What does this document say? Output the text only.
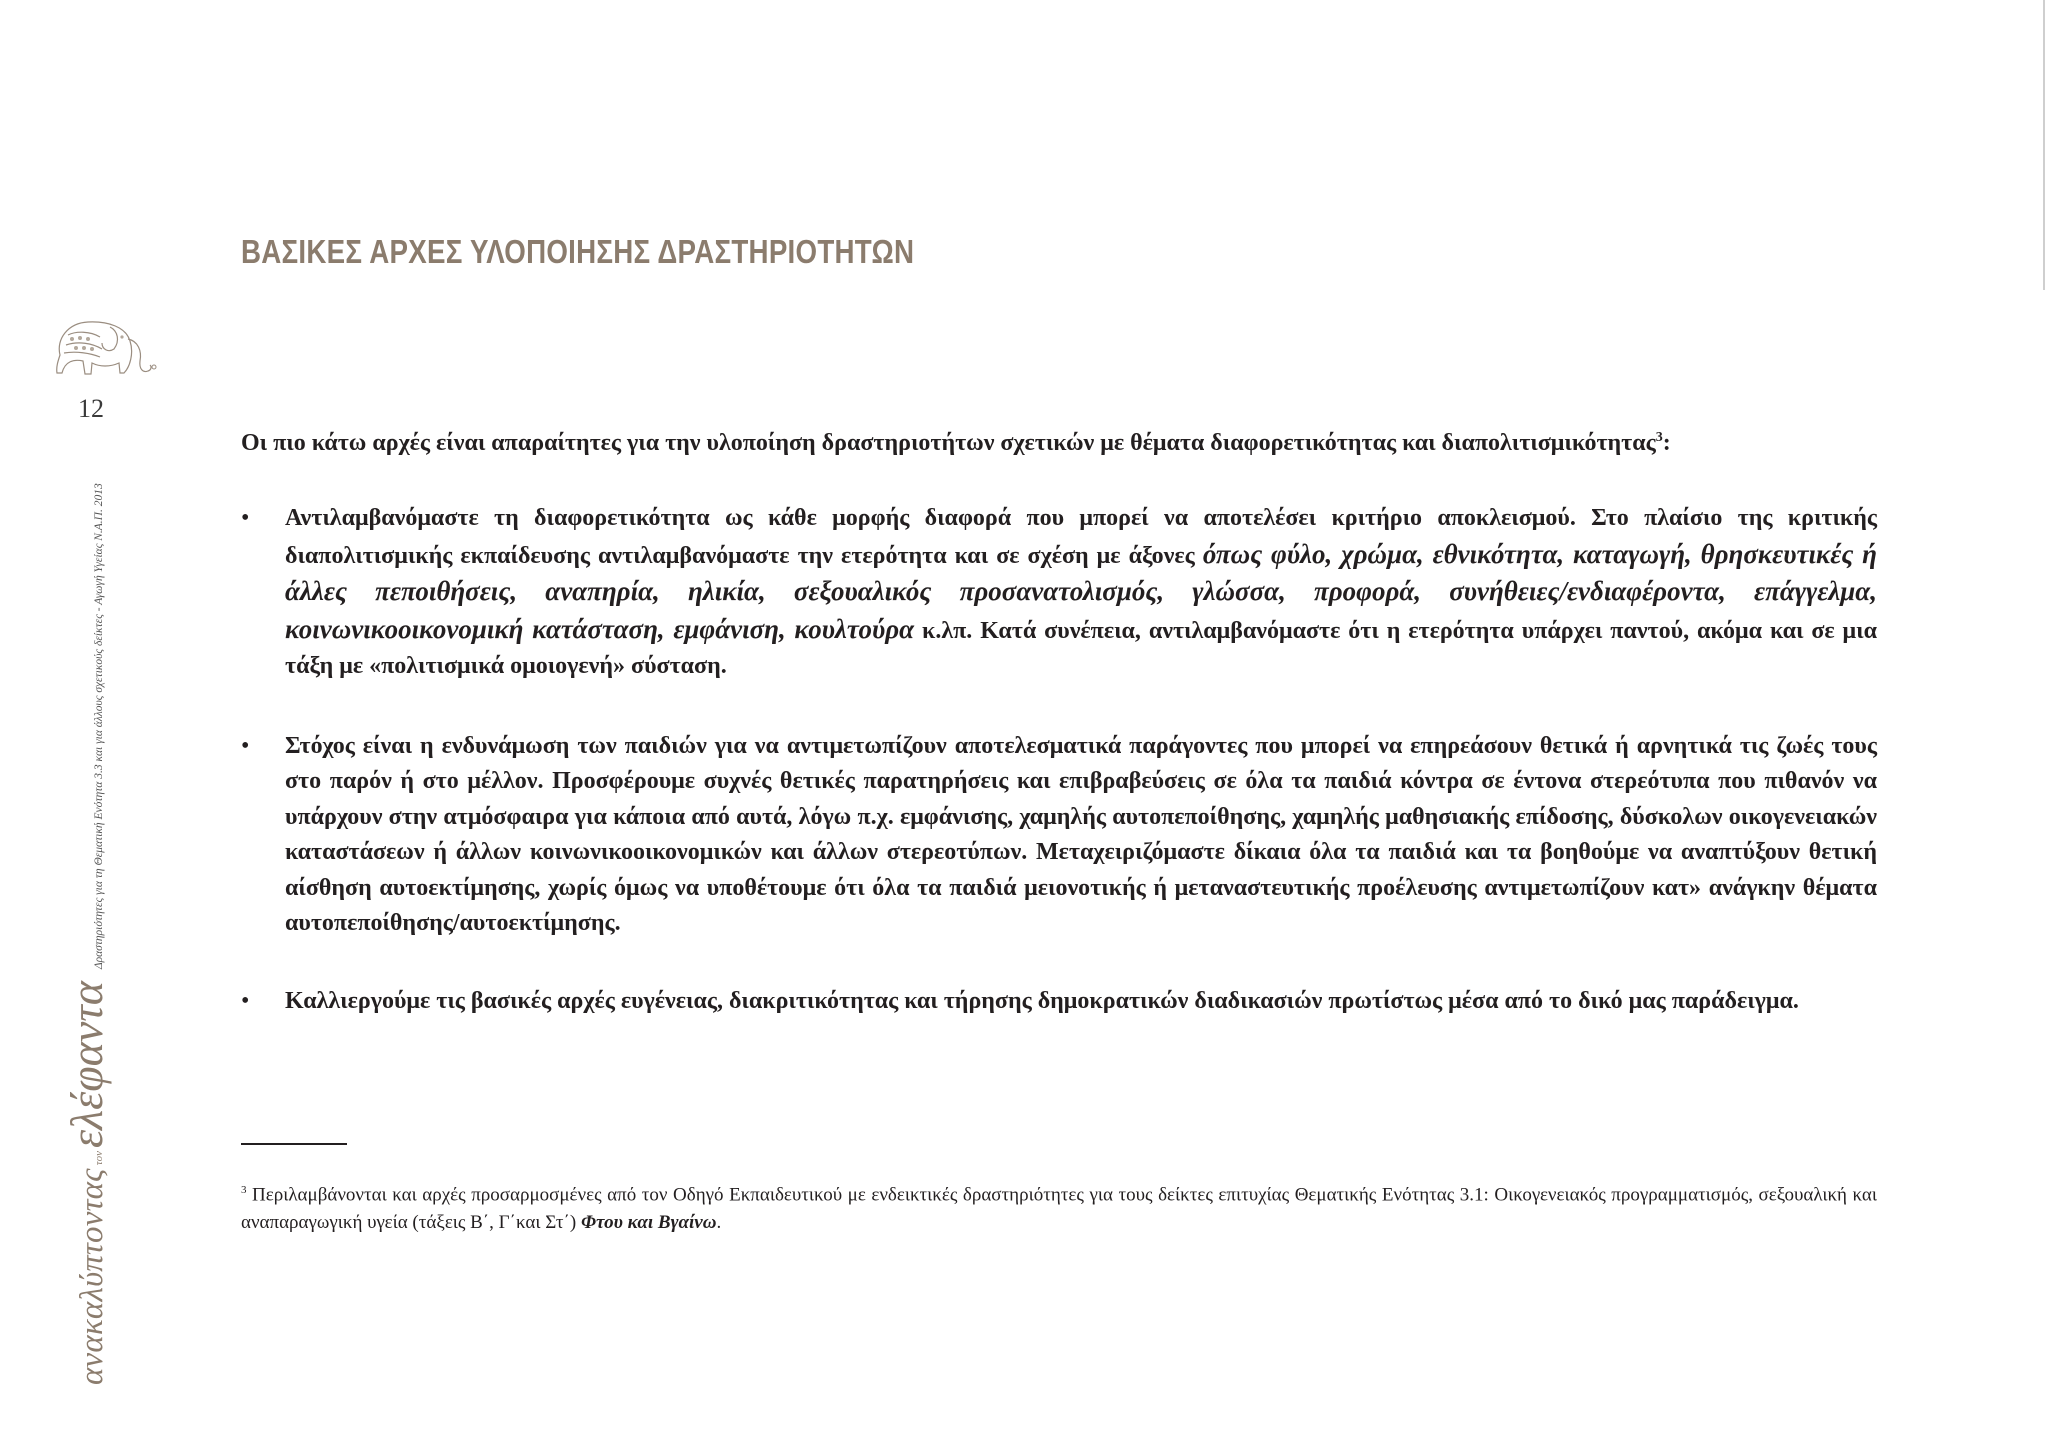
ΒΑΣΙΚΕΣ ΑΡΧΕΣ ΥΛΟΠΟΙΗΣΗΣ ΔΡΑΣΤΗΡΙΟΤΗΤΩΝ
12
ανακαλύπτονταςτονελέφανταΔραστηριότητες για τη Θεματική Ενότητα 3.3 και για άλλους σχετικούς δείκτες - Αγωγή Υγείας Ν.Α.Π. 2013

Οι πιο κάτω αρχές είναι απαραίτητες για την υλοποίηση δραστηριοτήτων σχετικών με θέματα διαφορετικότητας και διαπολιτισμικότητας$^3$:

• Αντιλαμβανόμαστε τη διαφορετικότητα ως κάθε μορφής διαφορά που μπορεί να αποτελέσει κριτήριο αποκλεισμού. Στο πλαίσιο της κριτικής διαπολιτισμικής εκπαίδευσης αντιλαμβανόμαστε την ετερότητα και σε σχέση με άξονες όπως φύλο, χρώμα, εθνικότητα, καταγωγή, θρησκευτικές ή άλλες πεποιθήσεις, αναπηρία, ηλικία, σεξουαλικός προσανατολισμός, γλώσσα, προφορά, συνήθειες/ενδιαφέροντα, επάγγελμα, κοινωνικοοικονομική κατάσταση, εμφάνιση, κουλτούρα κ.λπ. Κατά συνέπεια, αντιλαμβανόμαστε ότι η ετερότητα υπάρχει παντού, ακόμα και σε μια τάξη με «πολιτισμικά ομοιογενή» σύσταση.
• Στόχος είναι η ενδυνάμωση των παιδιών για να αντιμετωπίζουν αποτελεσματικά παράγοντες που μπορεί να επηρεάσουν θετικά ή αρνητικά τις ζωές τους στο παρόν ή στο μέλλον. Προσφέρουμε συχνές θετικές παρατηρήσεις και επιβραβεύσεις σε όλα τα παιδιά κόντρα σε έντονα στερεότυπα που πιθανόν να υπάρχουν στην ατμόσφαιρα για κάποια από αυτά, λόγω π.χ. εμφάνισης, χαμηλής αυτοπεποίθησης, χαμηλής μαθησιακής επίδοσης, δύσκολων οικογενειακών καταστάσεων ή άλλων κοινωνικοοικονομικών και άλλων στερεοτύπων. Μεταχειριζόμαστε δίκαια όλα τα παιδιά και τα βοηθούμε να αναπτύξουν θετική αίσθηση αυτοεκτίμησης, χωρίς όμως να υποθέτουμε ότι όλα τα παιδιά μειονοτικής ή μεταναστευτικής προέλευσης αντιμετωπίζουν κατ» ανάγκην θέματα αυτοπεποίθησης/αυτοεκτίμησης.
• Καλλιεργούμε τις βασικές αρχές ευγένειας, διακριτικότητας και τήρησης δημοκρατικών διαδικασιών πρωτίστως μέσα από το δικό μας παράδειγμα.
$^3$ Περιλαμβάνονται και αρχές προσαρμοσμένες από τον Οδηγό Εκπαιδευτικού με ενδεικτικές δραστηριότητες για τους δείκτες επιτυχίας Θεματικής Ενότητας 3.1: Οικογενειακός προγραμματισμός, σεξουαλική και αναπαραγωγική υγεία (τάξεις Β΄, Γ΄και Στ΄) Φτου και Βγαίνω.
